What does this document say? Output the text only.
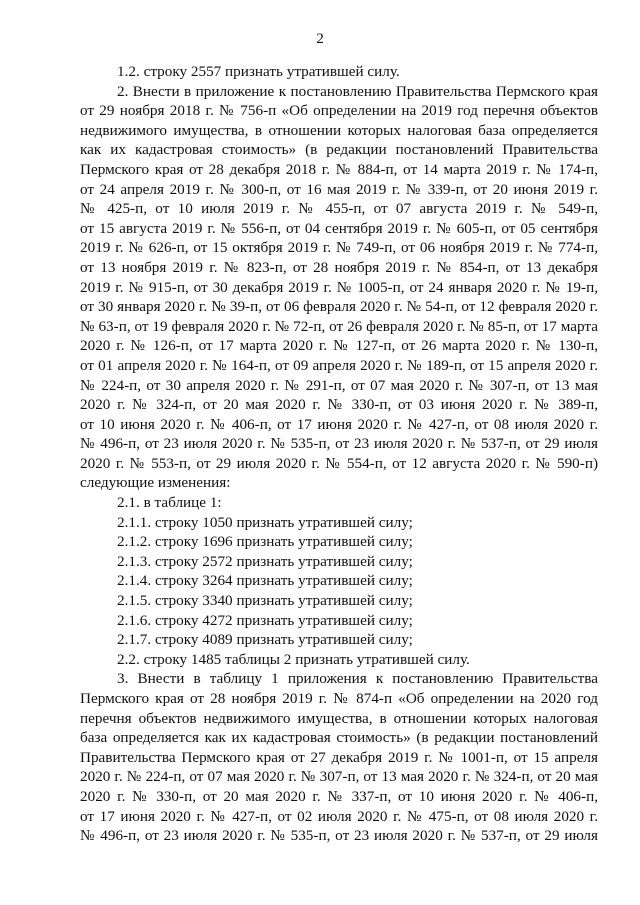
2
1.2. строку 2557 признать утратившей силу.
2. Внести в приложение к постановлению Правительства Пермского края
от 29 ноября 2018 г. № 756-п «Об определении на 2019 год перечня объектов
недвижимого имущества, в отношении которых налоговая база определяется
как их кадастровая стоимость» (в редакции постановлений Правительства
Пермского края от 28 декабря 2018 г. № 884-п, от 14 марта 2019 г. № 174-п,
от 24 апреля 2019 г. № 300-п, от 16 мая 2019 г. № 339-п, от 20 июня 2019 г.
№ 425-п, от 10 июля 2019 г. № 455-п, от 07 августа 2019 г. № 549-п,
от 15 августа 2019 г. № 556-п, от 04 сентября 2019 г. № 605-п, от 05 сентября
2019 г. № 626-п, от 15 октября 2019 г. № 749-п, от 06 ноября 2019 г. № 774-п,
от 13 ноября 2019 г. № 823-п, от 28 ноября 2019 г. № 854-п, от 13 декабря
2019 г. № 915-п, от 30 декабря 2019 г. № 1005-п, от 24 января 2020 г. № 19-п,
от 30 января 2020 г. № 39-п, от 06 февраля 2020 г. № 54-п, от 12 февраля 2020 г.
№ 63-п, от 19 февраля 2020 г. № 72-п, от 26 февраля 2020 г. № 85-п, от 17 марта
2020 г. № 126-п, от 17 марта 2020 г. № 127-п, от 26 марта 2020 г. № 130-п,
от 01 апреля 2020 г. № 164-п, от 09 апреля 2020 г. № 189-п, от 15 апреля 2020 г.
№ 224-п, от 30 апреля 2020 г. № 291-п, от 07 мая 2020 г. № 307-п, от 13 мая
2020 г. № 324-п, от 20 мая 2020 г. № 330-п, от 03 июня 2020 г. № 389-п,
от 10 июня 2020 г. № 406-п, от 17 июня 2020 г. № 427-п, от 08 июля 2020 г.
№ 496-п, от 23 июля 2020 г. № 535-п, от 23 июля 2020 г. № 537-п, от 29 июля
2020 г. № 553-п, от 29 июля 2020 г. № 554-п, от 12 августа 2020 г. № 590-п)
следующие изменения:
2.1. в таблице 1:
2.1.1. строку 1050 признать утратившей силу;
2.1.2. строку 1696 признать утратившей силу;
2.1.3. строку 2572 признать утратившей силу;
2.1.4. строку 3264 признать утратившей силу;
2.1.5. строку 3340 признать утратившей силу;
2.1.6. строку 4272 признать утратившей силу;
2.1.7. строку 4089 признать утратившей силу;
2.2. строку 1485 таблицы 2 признать утратившей силу.
3. Внести в таблицу 1 приложения к постановлению Правительства
Пермского края от 28 ноября 2019 г. № 874-п «Об определении на 2020 год
перечня объектов недвижимого имущества, в отношении которых налоговая
база определяется как их кадастровая стоимость» (в редакции постановлений
Правительства Пермского края от 27 декабря 2019 г. № 1001-п, от 15 апреля
2020 г. № 224-п, от 07 мая 2020 г. № 307-п, от 13 мая 2020 г. № 324-п, от 20 мая
2020 г. № 330-п, от 20 мая 2020 г. № 337-п, от 10 июня 2020 г. № 406-п,
от 17 июня 2020 г. № 427-п, от 02 июля 2020 г. № 475-п, от 08 июля 2020 г.
№ 496-п, от 23 июля 2020 г. № 535-п, от 23 июля 2020 г. № 537-п, от 29 июля
